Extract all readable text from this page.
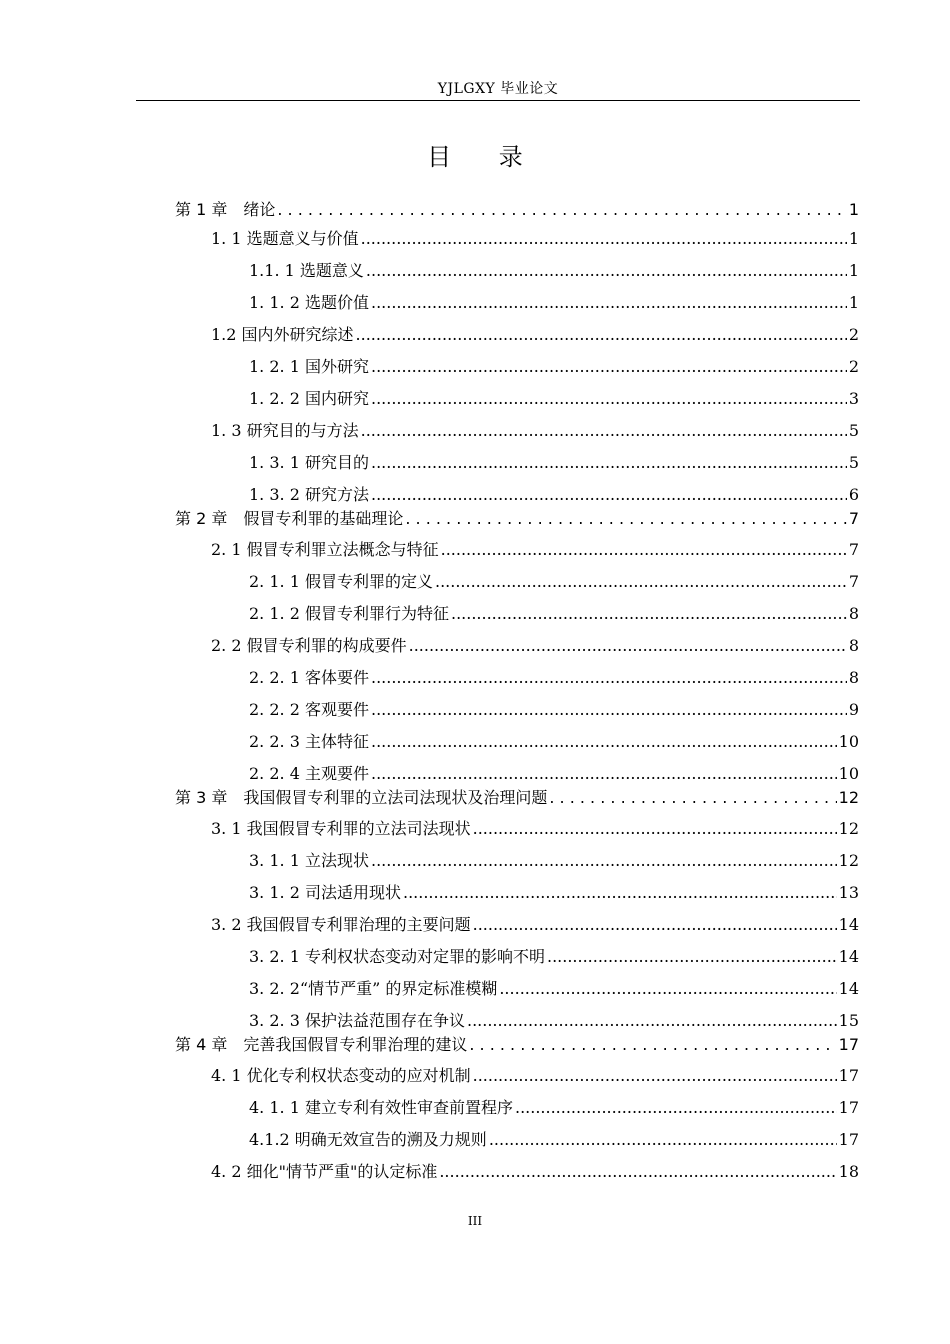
YJLGXY 毕业论文
目 录
第 1 章　绪论 . . .	1
1. 1 选题意义与价值 .....	1
1.1. 1 选题意义 .....	1
1. 1. 2 选题价值 .....	1
1.2 国内外研究综述 .....	2
1. 2. 1 国外研究 .....	2
1. 2. 2 国内研究 .....	3
1. 3 研究目的与方法 .....	5
1. 3. 1 研究目的 .....	5
1. 3. 2 研究方法 .....	6
第 2 章　假冒专利罪的基础理论 . . .	7
2. 1 假冒专利罪立法概念与特征 .....	7
2. 1. 1 假冒专利罪的定义 .....	7
2. 1. 2 假冒专利罪行为特征 .....	8
2. 2 假冒专利罪的构成要件 .....	8
2. 2. 1 客体要件 .....	8
2. 2. 2 客观要件 .....	9
2. 2. 3 主体特征 .....	10
2. 2. 4 主观要件 .....	10
第 3 章　我国假冒专利罪的立法司法现状及治理问题 . . .	12
3. 1 我国假冒专利罪的立法司法现状 .....	12
3. 1. 1 立法现状 .....	12
3. 1. 2 司法适用现状 .....	13
3. 2 我国假冒专利罪治理的主要问题 .....	14
3. 2. 1 专利权状态变动对定罪的影响不明 .....	14
3. 2. 2“情节严重” 的界定标准模糊 .....	14
3. 2. 3 保护法益范围存在争议 .....	15
第 4 章　完善我国假冒专利罪治理的建议 . . .	17
4. 1 优化专利权状态变动的应对机制 .....	17
4. 1. 1 建立专利有效性审查前置程序 .....	17
4.1.2 明确无效宣告的溯及力规则 .....	17
4. 2 细化"情节严重"的认定标准 .....	18
III
